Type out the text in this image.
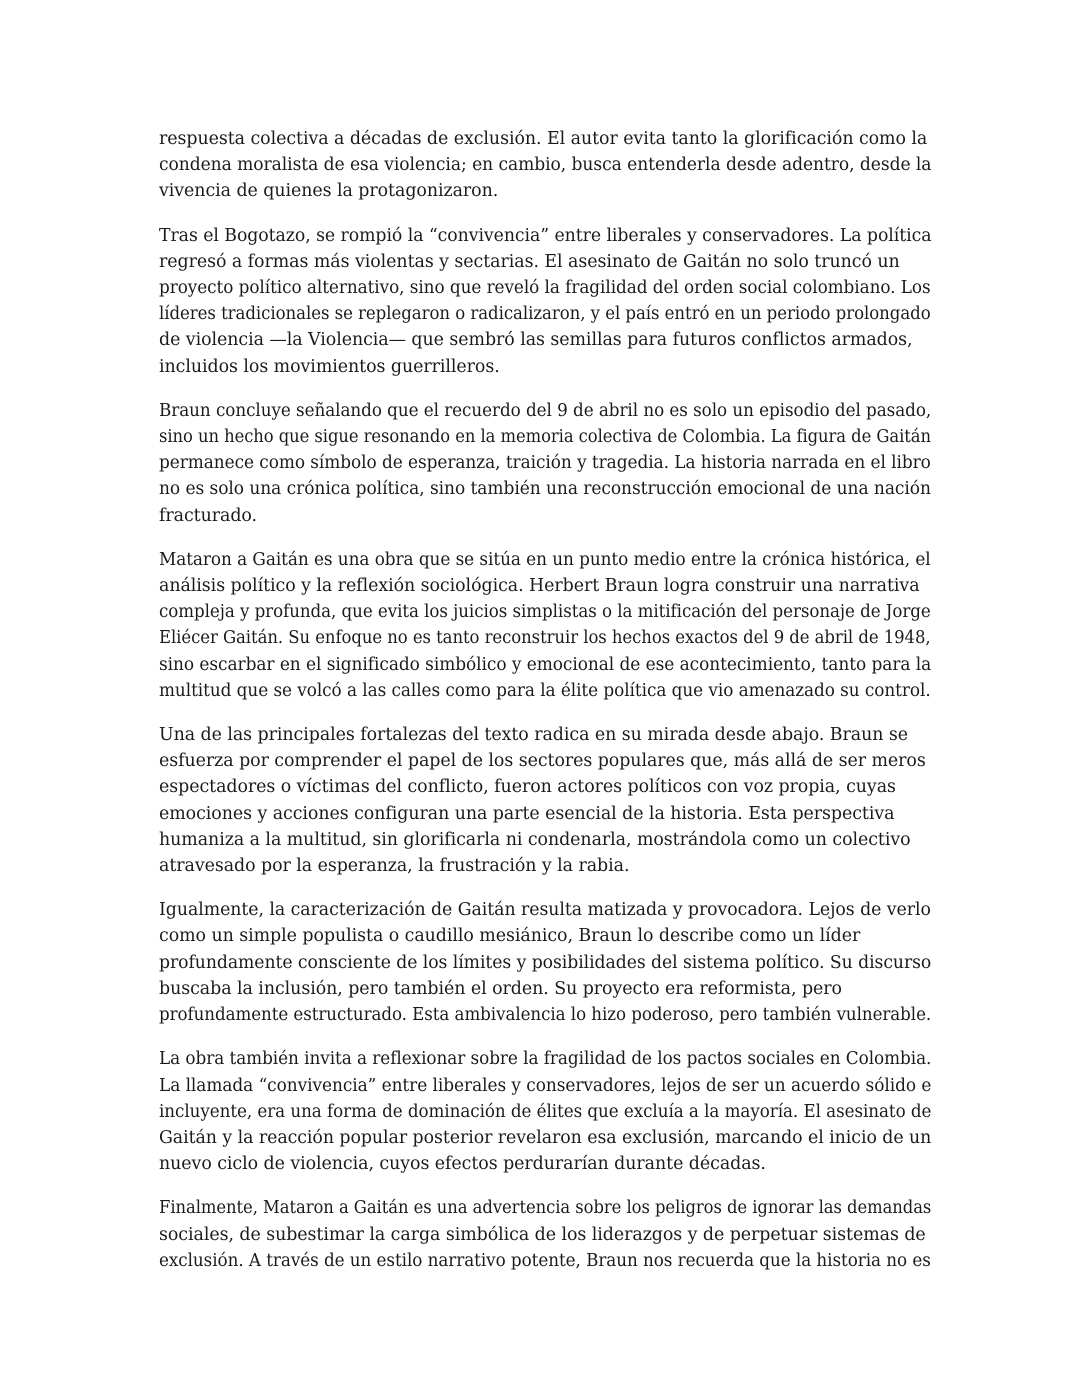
respuesta colectiva a décadas de exclusión. El autor evita tanto la glorificación como la
condena moralista de esa violencia; en cambio, busca entenderla desde adentro, desde la
vivencia de quienes la protagonizaron.

Tras el Bogotazo, se rompió la “convivencia” entre liberales y conservadores. La política
regresó a formas más violentas y sectarias. El asesinato de Gaitán no solo truncó un
proyecto político alternativo, sino que reveló la fragilidad del orden social colombiano. Los
líderes tradicionales se replegaron o radicalizaron, y el país entró en un periodo prolongado
de violencia —la Violencia— que sembró las semillas para futuros conflictos armados,
incluidos los movimientos guerrilleros.

Braun concluye señalando que el recuerdo del 9 de abril no es solo un episodio del pasado,
sino un hecho que sigue resonando en la memoria colectiva de Colombia. La figura de Gaitán
permanece como símbolo de esperanza, traición y tragedia. La historia narrada en el libro
no es solo una crónica política, sino también una reconstrucción emocional de una nación
fracturado.

Mataron a Gaitán es una obra que se sitúa en un punto medio entre la crónica histórica, el
análisis político y la reflexión sociológica. Herbert Braun logra construir una narrativa
compleja y profunda, que evita los juicios simplistas o la mitificación del personaje de Jorge
Eliécer Gaitán. Su enfoque no es tanto reconstruir los hechos exactos del 9 de abril de 1948,
sino escarbar en el significado simbólico y emocional de ese acontecimiento, tanto para la
multitud que se volcó a las calles como para la élite política que vio amenazado su control.

Una de las principales fortalezas del texto radica en su mirada desde abajo. Braun se
esfuerza por comprender el papel de los sectores populares que, más allá de ser meros
espectadores o víctimas del conflicto, fueron actores políticos con voz propia, cuyas
emociones y acciones configuran una parte esencial de la historia. Esta perspectiva
humaniza a la multitud, sin glorificarla ni condenarla, mostrándola como un colectivo
atravesado por la esperanza, la frustración y la rabia.

Igualmente, la caracterización de Gaitán resulta matizada y provocadora. Lejos de verlo
como un simple populista o caudillo mesiánico, Braun lo describe como un líder
profundamente consciente de los límites y posibilidades del sistema político. Su discurso
buscaba la inclusión, pero también el orden. Su proyecto era reformista, pero
profundamente estructurado. Esta ambivalencia lo hizo poderoso, pero también vulnerable.

La obra también invita a reflexionar sobre la fragilidad de los pactos sociales en Colombia.
La llamada “convivencia” entre liberales y conservadores, lejos de ser un acuerdo sólido e
incluyente, era una forma de dominación de élites que excluía a la mayoría. El asesinato de
Gaitán y la reacción popular posterior revelaron esa exclusión, marcando el inicio de un
nuevo ciclo de violencia, cuyos efectos perdurarían durante décadas.

Finalmente, Mataron a Gaitán es una advertencia sobre los peligros de ignorar las demandas
sociales, de subestimar la carga simbólica de los liderazgos y de perpetuar sistemas de
exclusión. A través de un estilo narrativo potente, Braun nos recuerda que la historia no es
